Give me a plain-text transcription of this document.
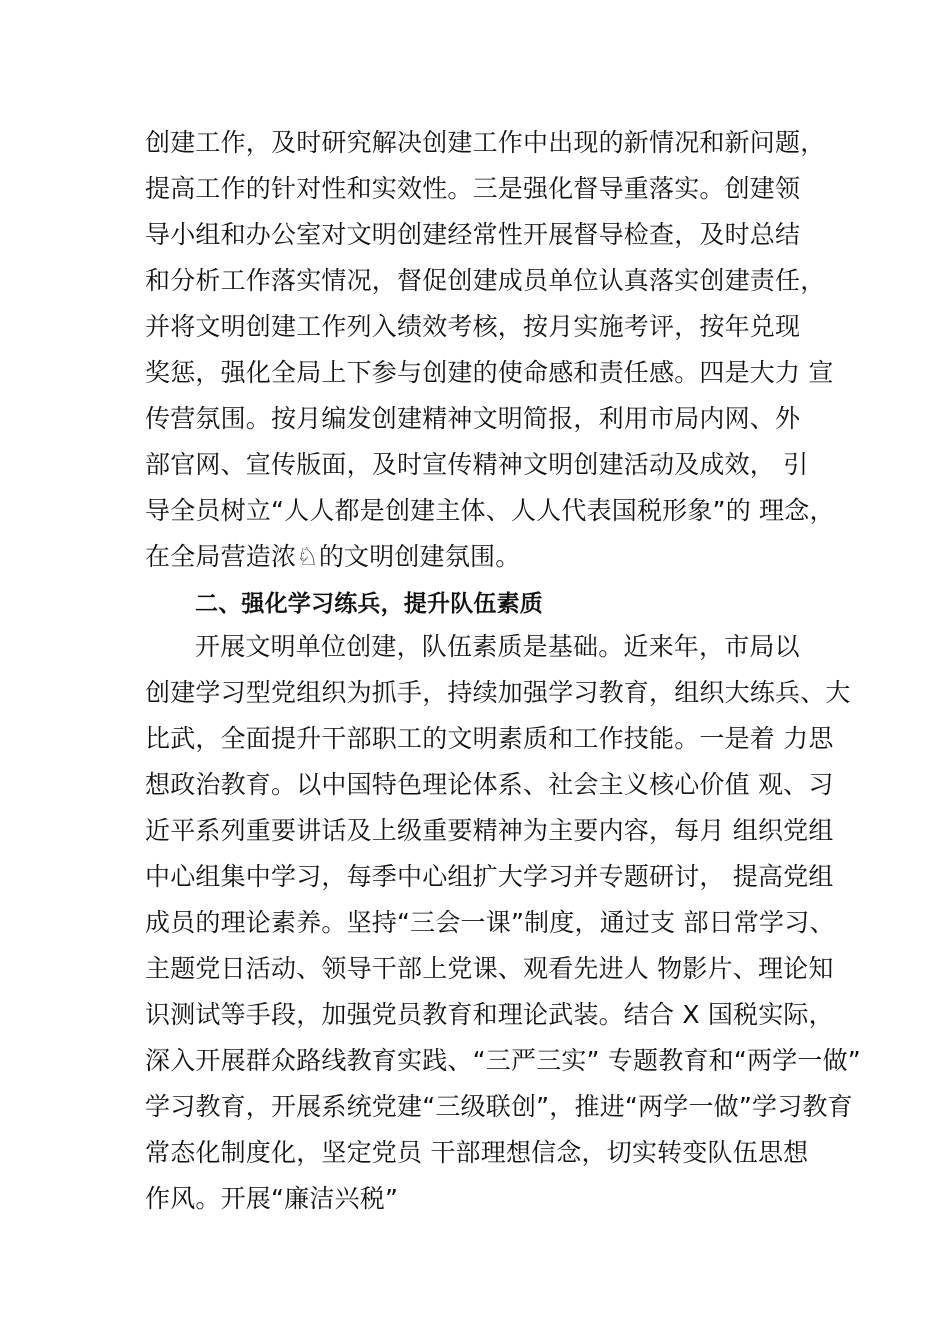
创建工作，及时研究解决创建工作中出现的新情况和新问题，
提高工作的针对性和实效性。三是强化督导重落实。创建领
导小组和办公室对文明创建经常性开展督导检查，及时总结
和分析工作落实情况，督促创建成员单位认真落实创建责任，
并将文明创建工作列入绩效考核，按月实施考评，按年兑现
奖惩，强化全局上下参与创建的使命感和责任感。四是大力 宣
传营氛围。按月编发创建精神文明简报，利用市局内网、外
部官网、宣传版面，及时宣传精神文明创建活动及成效， 引
导全员树立“人人都是创建主体、人人代表国税形象”的 理念，
在全局营造浓♘的文明创建氛围。
二、强化学习练兵，提升队伍素质
开展文明单位创建，队伍素质是基础。近来年，市局以
创建学习型党组织为抓手，持续加强学习教育，组织大练兵、大
比武，全面提升干部职工的文明素质和工作技能。一是着 力思
想政治教育。以中国特色理论体系、社会主义核心价值 观、习
近平系列重要讲话及上级重要精神为主要内容，每月 组织党组
中心组集中学习，每季中心组扩大学习并专题研讨， 提高党组
成员的理论素养。坚持“三会一课”制度，通过支 部日常学习、
主题党日活动、领导干部上党课、观看先进人 物影片、理论知
识测试等手段，加强党员教育和理论武装。结合 X 国税实际，
深入开展群众路线教育实践、“三严三实” 专题教育和“两学一做”
学习教育，开展系统党建“三级联创”，推进“两学一做”学习教育
常态化制度化，坚定党员 干部理想信念，切实转变队伍思想
作风。开展“廉洁兴税”
